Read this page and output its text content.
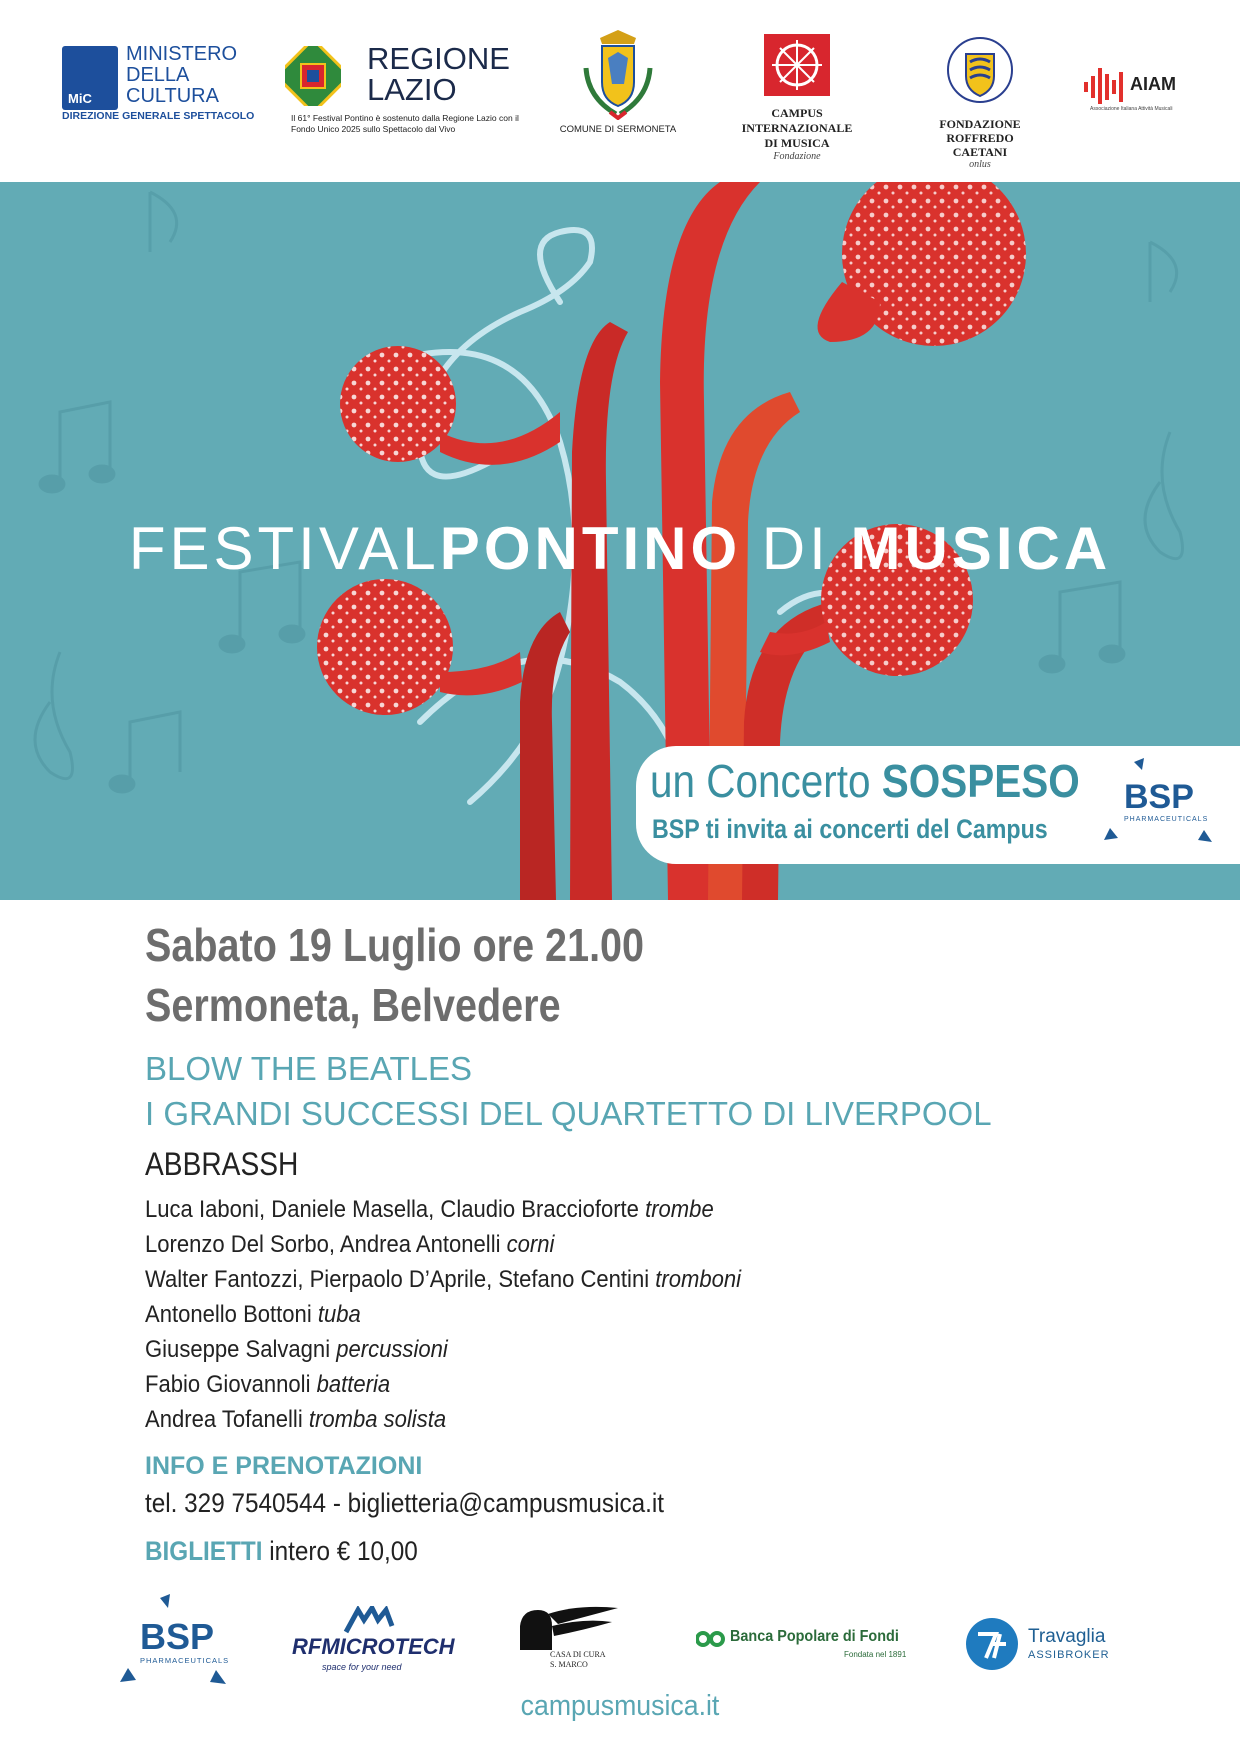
MiC
MINISTERO
DELLA
CULTURA
DIREZIONE GENERALE SPETTACOLO
REGIONE
LAZIO
Il 61° Festival Pontino è sostenuto dalla Regione Lazio con il Fondo Unico 2025 sullo Spettacolo dal Vivo	COMUNE DI SERMONETA
CAMPUS
INTERNAZIONALE
DI MUSICA
Fondazione
FONDAZIONE
ROFFREDO
CAETANI
onlus
AIAM
Associazione Italiana Attività Musicali
FESTIVALPONTINO DI MUSICA
un Concerto SOSPESO
BSP ti invita ai concerti del Campus
BSP
PHARMACEUTICALS
Sabato 19 Luglio ore 21.00
Sermoneta, Belvedere
BLOW THE BEATLES
I GRANDI SUCCESSI DEL QUARTETTO DI LIVERPOOL
ABBRASSH
Luca Iaboni, Daniele Masella, Claudio Braccioforte trombe
Lorenzo Del Sorbo, Andrea Antonelli corni
Walter Fantozzi, Pierpaolo D’Aprile, Stefano Centini tromboni
Antonello Bottoni tuba
Giuseppe Salvagni percussioni
Fabio Giovannoli batteria
Andrea Tofanelli tromba solista
INFO E PRENOTAZIONI
tel. 329 7540544 - biglietteria@campusmusica.it
BIGLIETTI intero € 10,00
BSP
PHARMACEUTICALS
RFMICROTECH
space for your need
CASA DI CURA
S. MARCO
Banca Popolare di Fondi
Fondata nel 1891
Travaglia
ASSIBROKER
campusmusica.it
